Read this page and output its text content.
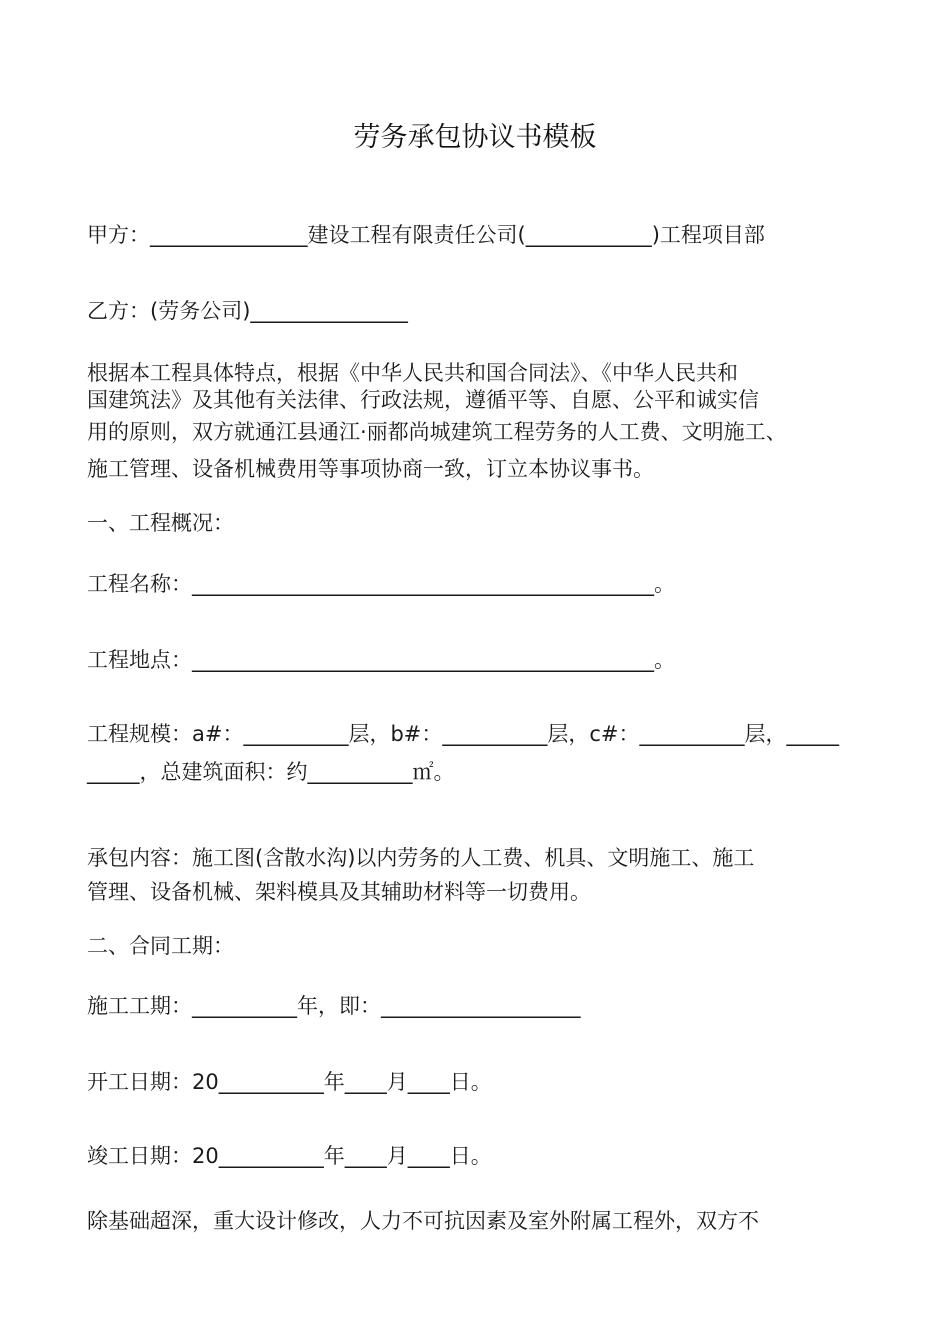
劳务承包协议书模板
甲方：_______________建设工程有限责任公司(____________)工程项目部
乙方：(劳务公司)_______________
根据本工程具体特点，根据《中华人民共和国合同法》、《中华人民共和
国建筑法》及其他有关法律、行政法规，遵循平等、自愿、公平和诚实信
用的原则，双方就通江县通江·丽都尚城建筑工程劳务的人工费、文明施工、
施工管理、设备机械费用等事项协商一致，订立本协议事书。
一、工程概况：
工程名称：____________________________________________。
工程地点：____________________________________________。
工程规模：a#：__________层，b#：__________层，c#：__________层，_____
_____，总建筑面积：约__________㎡。
承包内容：施工图(含散水沟)以内劳务的人工费、机具、文明施工、施工
管理、设备机械、架料模具及其辅助材料等一切费用。
二、合同工期：
施工工期：__________年，即：___________________
开工日期：20__________年____月____日。
竣工日期：20__________年____月____日。
除基础超深，重大设计修改，人力不可抗因素及室外附属工程外，双方不
